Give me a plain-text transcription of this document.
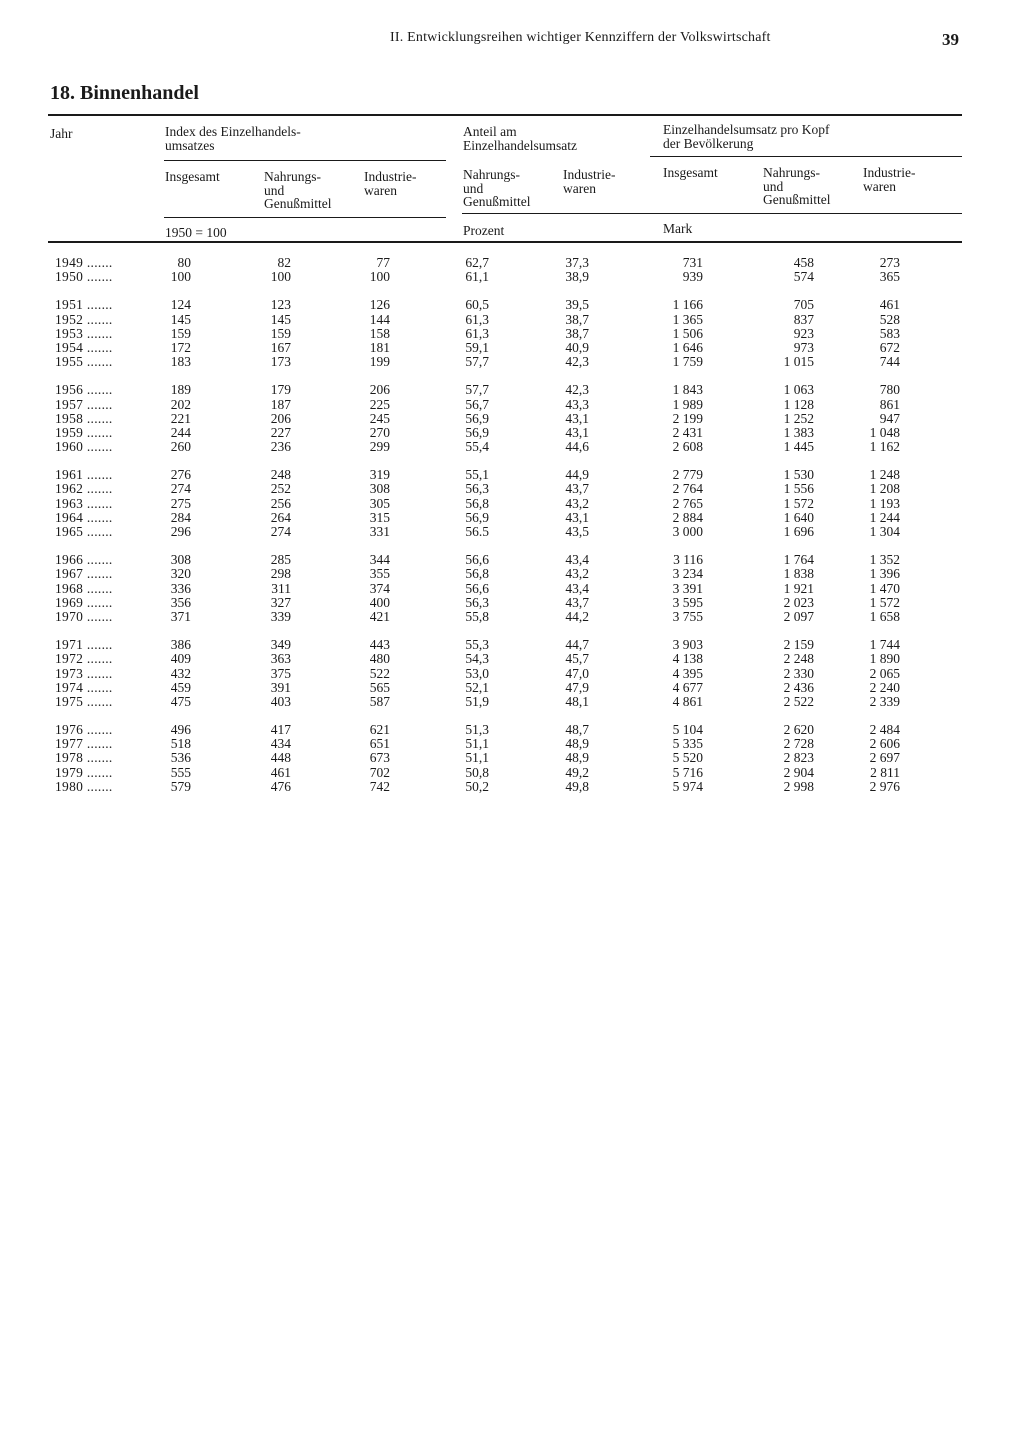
II. Entwicklungsreihen wichtiger Kennziffern der Volkswirtschaft	39
18. Binnenhandel
Jahr	Index des Einzelhandels-
umsatzes
Anteil am
Einzelhandelsumsatz
Einzelhandelsumsatz pro Kopf
der Bevölkerung
Insgesamt	Nahrungs-
und
Genußmittel
Industrie-
waren
Nahrungs-
und
Genußmittel
Industrie-
waren
Insgesamt	Nahrungs-
und
Genußmittel
Industrie-
waren
1950 = 100	Prozent	Mark
1949 .......	80	82	77	62,7	37,3	731	458	273
1950 .......	100	100	100	61,1	38,9	939	574	365
1951 .......	124	123	126	60,5	39,5	1 166	705	461
1952 .......	145	145	144	61,3	38,7	1 365	837	528
1953 .......	159	159	158	61,3	38,7	1 506	923	583
1954 .......	172	167	181	59,1	40,9	1 646	973	672
1955 .......	183	173	199	57,7	42,3	1 759	1 015	744
1956 .......	189	179	206	57,7	42,3	1 843	1 063	780
1957 .......	202	187	225	56,7	43,3	1 989	1 128	861
1958 .......	221	206	245	56,9	43,1	2 199	1 252	947
1959 .......	244	227	270	56,9	43,1	2 431	1 383	1 048
1960 .......	260	236	299	55,4	44,6	2 608	1 445	1 162
1961 .......	276	248	319	55,1	44,9	2 779	1 530	1 248
1962 .......	274	252	308	56,3	43,7	2 764	1 556	1 208
1963 .......	275	256	305	56,8	43,2	2 765	1 572	1 193
1964 .......	284	264	315	56,9	43,1	2 884	1 640	1 244
1965 .......	296	274	331	56.5	43,5	3 000	1 696	1 304
1966 .......	308	285	344	56,6	43,4	3 116	1 764	1 352
1967 .......	320	298	355	56,8	43,2	3 234	1 838	1 396
1968 .......	336	311	374	56,6	43,4	3 391	1 921	1 470
1969 .......	356	327	400	56,3	43,7	3 595	2 023	1 572
1970 .......	371	339	421	55,8	44,2	3 755	2 097	1 658
1971 .......	386	349	443	55,3	44,7	3 903	2 159	1 744
1972 .......	409	363	480	54,3	45,7	4 138	2 248	1 890
1973 .......	432	375	522	53,0	47,0	4 395	2 330	2 065
1974 .......	459	391	565	52,1	47,9	4 677	2 436	2 240
1975 .......	475	403	587	51,9	48,1	4 861	2 522	2 339
1976 .......	496	417	621	51,3	48,7	5 104	2 620	2 484
1977 .......	518	434	651	51,1	48,9	5 335	2 728	2 606
1978 .......	536	448	673	51,1	48,9	5 520	2 823	2 697
1979 .......	555	461	702	50,8	49,2	5 716	2 904	2 811
1980 .......	579	476	742	50,2	49,8	5 974	2 998	2 976
